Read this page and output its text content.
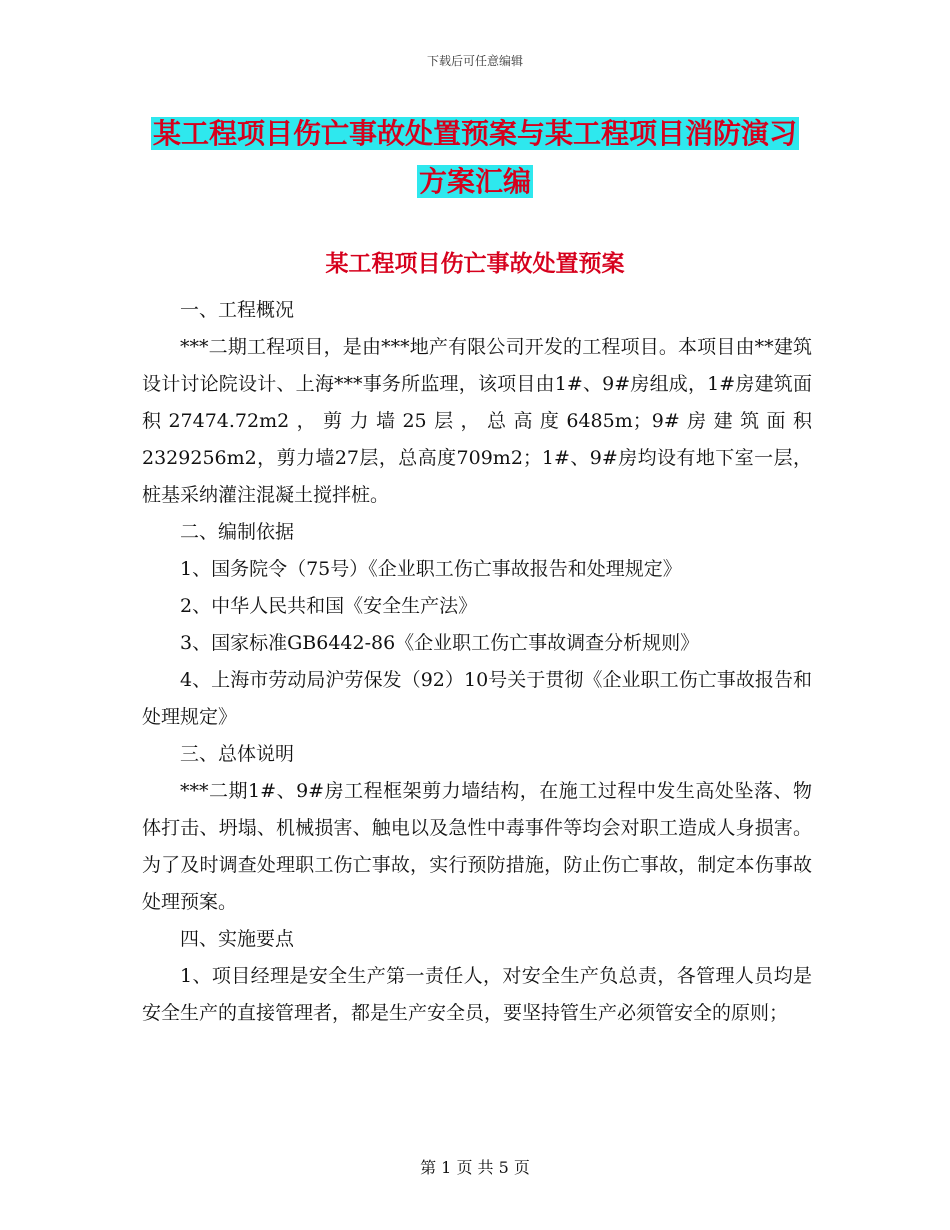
下载后可任意编辑
某工程项目伤亡事故处置预案与某工程项目消防演习
方案汇编
某工程项目伤亡事故处置预案

一、工程概况

***二期工程项目，是由***地产有限公司开发的工程项目。本项目由**建筑设计讨论院设计、上海***事务所监理，该项目由1#、9#房组成，1#房建筑面积27474.72m2，剪力墙25层，总高度6485m；9#房建筑面积2329256m2，剪力墙27层，总高度709m2；1#、9#房均设有地下室一层，桩基采纳灌注混凝土搅拌桩。

二、编制依据

1、国务院令（75号）《企业职工伤亡事故报告和处理规定》

2、中华人民共和国《安全生产法》

3、国家标准GB6442-86《企业职工伤亡事故调查分析规则》

4、上海市劳动局沪劳保发（92）10号关于贯彻《企业职工伤亡事故报告和处理规定》

三、总体说明

***二期1#、9#房工程框架剪力墙结构，在施工过程中发生高处坠落、物体打击、坍塌、机械损害、触电以及急性中毒事件等均会对职工造成人身损害。为了及时调查处理职工伤亡事故，实行预防措施，防止伤亡事故，制定本伤事故处理预案。

四、实施要点

1、项目经理是安全生产第一责任人，对安全生产负总责，各管理人员均是安全生产的直接管理者，都是生产安全员，要坚持管生产必须管安全的原则；

第 1 页 共 5 页
